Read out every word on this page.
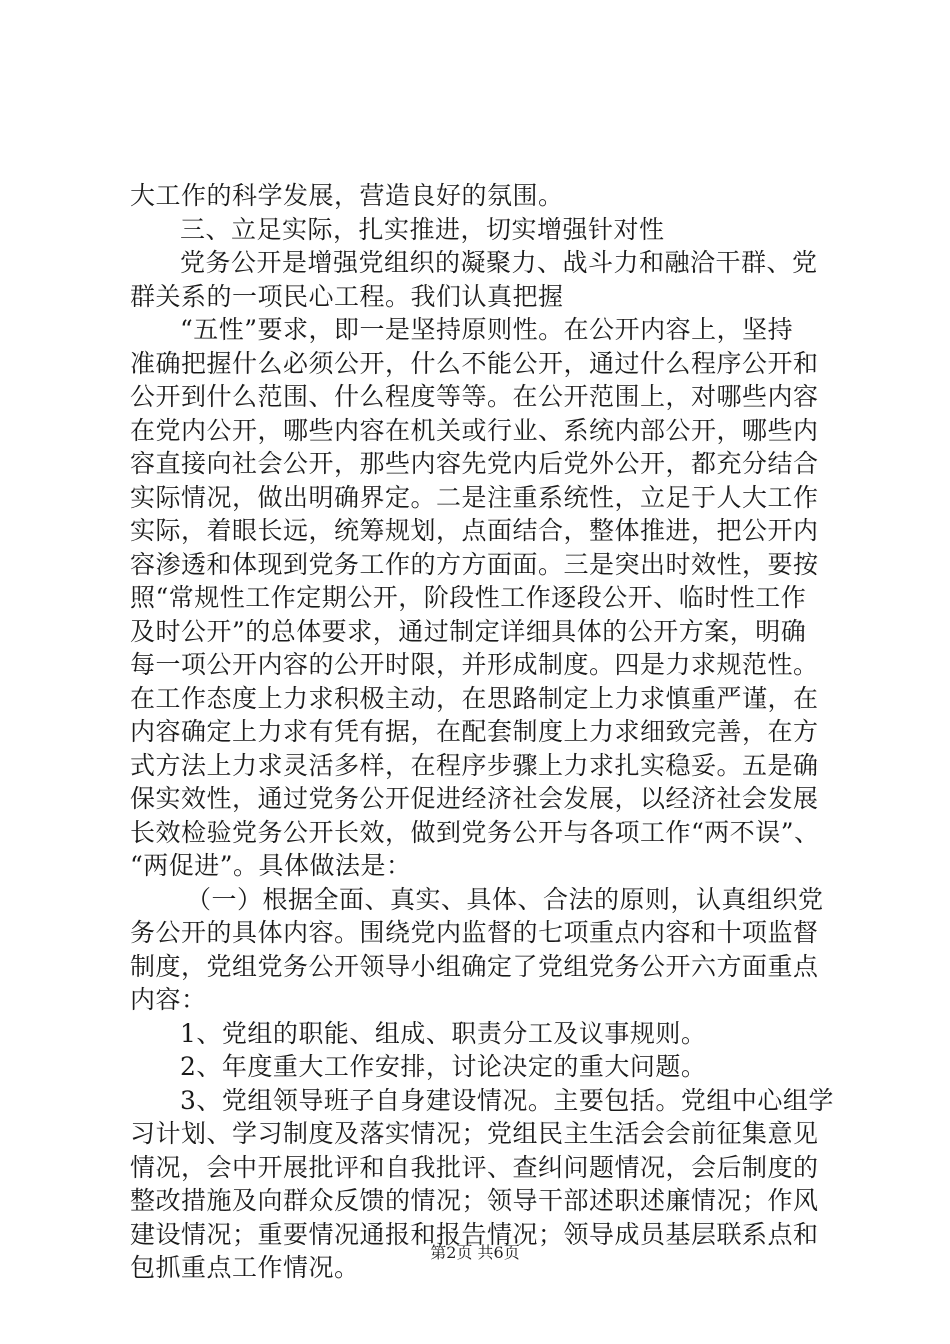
大工作的科学发展，营造良好的氛围。
三、立足实际，扎实推进，切实增强针对性
党务公开是增强党组织的凝聚力、战斗力和融洽干群、党
群关系的一项民心工程。我们认真把握
“五性”要求，即一是坚持原则性。在公开内容上，坚持
准确把握什么必须公开，什么不能公开，通过什么程序公开和
公开到什么范围、什么程度等等。在公开范围上，对哪些内容
在党内公开，哪些内容在机关或行业、系统内部公开，哪些内
容直接向社会公开，那些内容先党内后党外公开，都充分结合
实际情况，做出明确界定。二是注重系统性，立足于人大工作
实际，着眼长远，统筹规划，点面结合，整体推进，把公开内
容渗透和体现到党务工作的方方面面。三是突出时效性，要按
照“常规性工作定期公开，阶段性工作逐段公开、临时性工作
及时公开”的总体要求，通过制定详细具体的公开方案，明确
每一项公开内容的公开时限，并形成制度。四是力求规范性。
在工作态度上力求积极主动，在思路制定上力求慎重严谨，在
内容确定上力求有凭有据，在配套制度上力求细致完善，在方
式方法上力求灵活多样，在程序步骤上力求扎实稳妥。五是确
保实效性，通过党务公开促进经济社会发展，以经济社会发展
长效检验党务公开长效，做到党务公开与各项工作“两不误”、
“两促进”。具体做法是：
（一）根据全面、真实、具体、合法的原则，认真组织党
务公开的具体内容。围绕党内监督的七项重点内容和十项监督
制度，党组党务公开领导小组确定了党组党务公开六方面重点
内容：
1、党组的职能、组成、职责分工及议事规则。
2、年度重大工作安排，讨论决定的重大问题。
3、党组领导班子自身建设情况。主要包括。党组中心组学
习计划、学习制度及落实情况；党组民主生活会会前征集意见
情况，会中开展批评和自我批评、查纠问题情况，会后制度的
整改措施及向群众反馈的情况；领导干部述职述廉情况；作风
建设情况；重要情况通报和报告情况；领导成员基层联系点和
包抓重点工作情况。
第2页 共6页
